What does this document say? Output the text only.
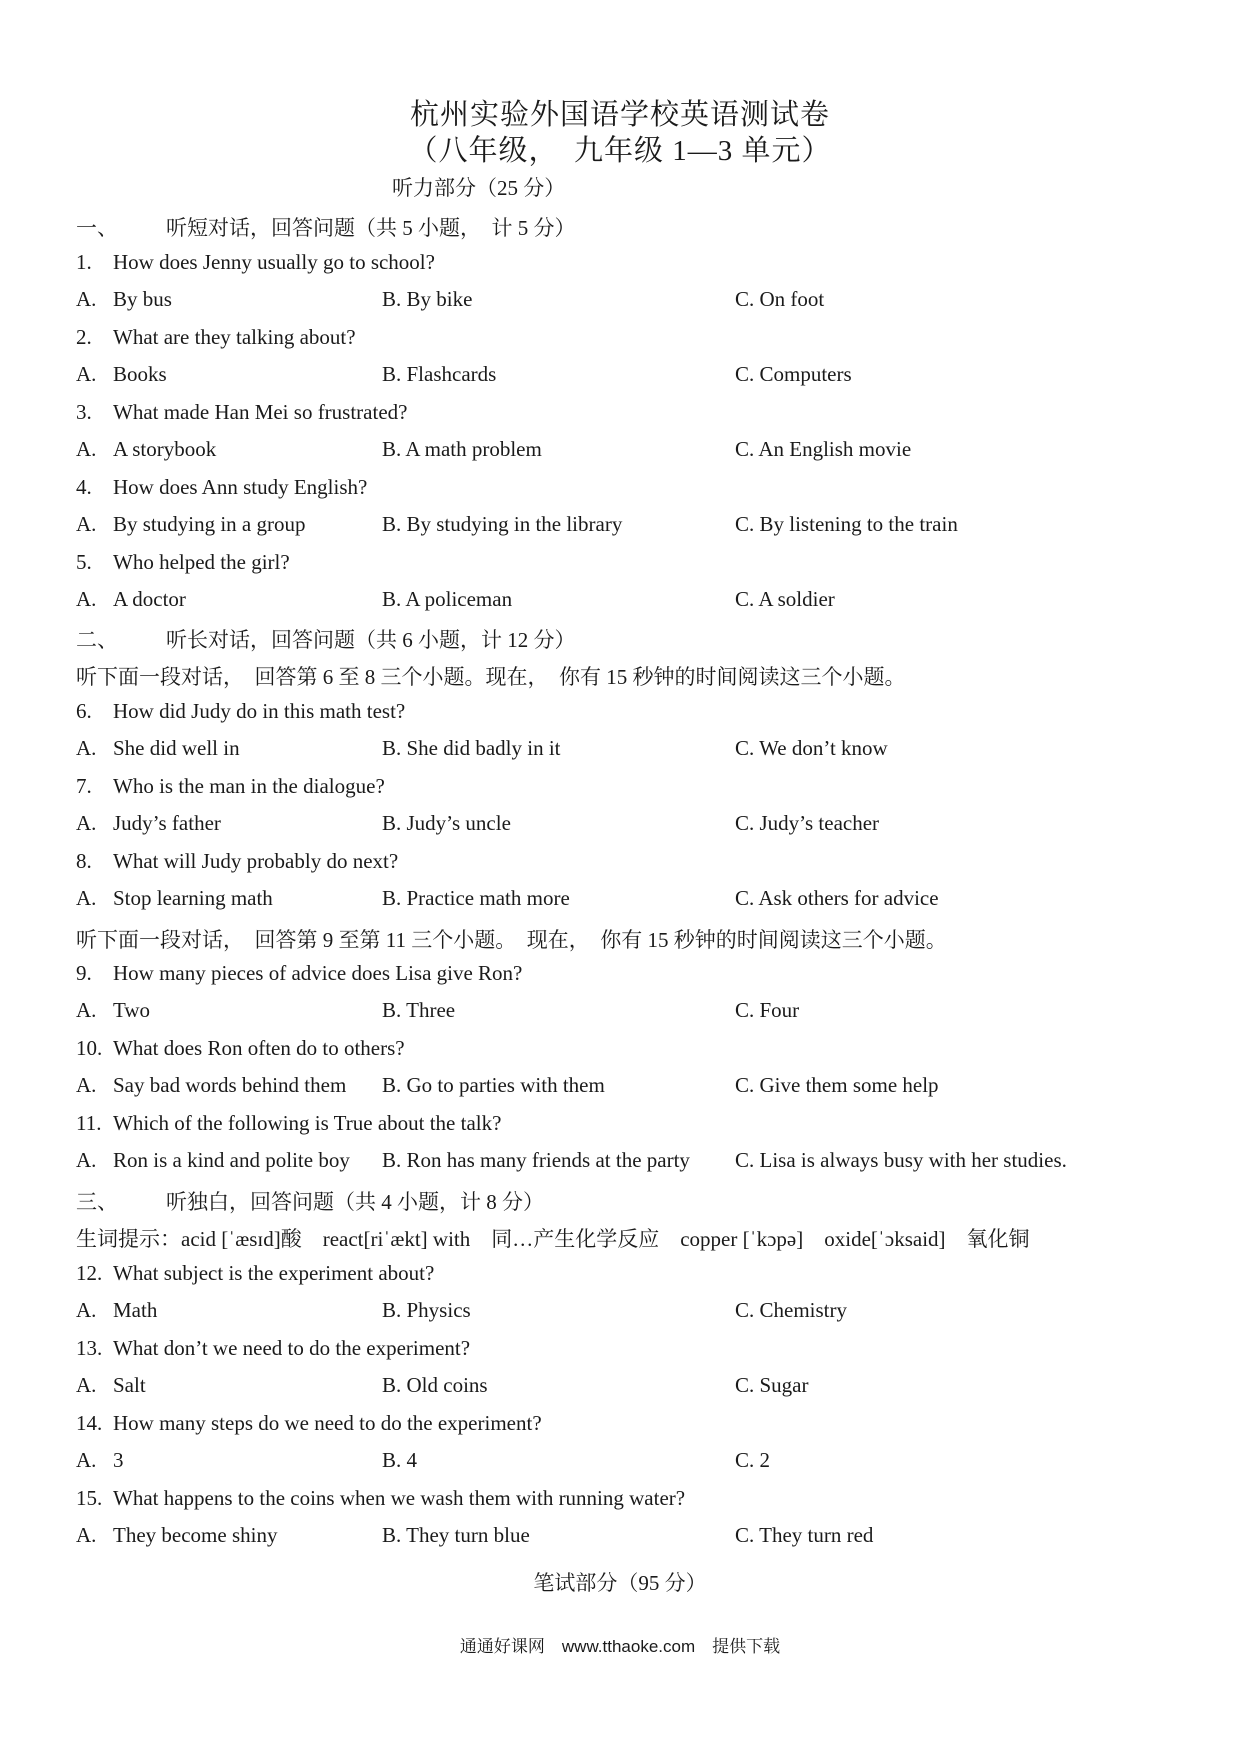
杭州实验外国语学校英语测试卷
（八年级，　九年级 1—3 单元）
听力部分（25 分）
一、 听短对话，回答问题（共 5 小题，　计 5 分）
1. How does Jenny usually go to school?
A. By bus	B. By bike	C. On foot
2. What are they talking about?
A. Books	B. Flashcards	C. Computers
3. What made Han Mei so frustrated?
A. A storybook	B. A math problem	C. An English movie
4. How does Ann study English?
A. By studying in a group	B. By studying in the library	C. By listening to the train
5. Who helped the girl?
A. A doctor	B. A policeman	C. A soldier
二、 听长对话，回答问题（共 6 小题，计 12 分）
听下面一段对话，　回答第 6 至 8 三个小题。现在，　你有 15 秒钟的时间阅读这三个小题。
6. How did Judy do in this math test?
A. She did well in	B. She did badly in it	C. We don’t know
7. Who is the man in the dialogue?
A. Judy’s father	B. Judy’s uncle	C. Judy’s teacher
8. What will Judy probably do next?
A. Stop learning math	B. Practice math more	C. Ask others for advice
听下面一段对话，　回答第 9 至第 11 三个小题。　现在，　你有 15 秒钟的时间阅读这三个小题。
9. How many pieces of advice does Lisa give Ron?
A. Two	B. Three	C. Four
10. What does Ron often do to others?
A. Say bad words behind them B. Go to parties with them	C. Give them some help
11. Which of the following is True about the talk?
A. Ron is a kind and polite boy B. Ron has many friends at the party C. Lisa is always busy with her studies.
三、 听独白，回答问题（共 4 小题，计 8 分）
生词提示：acid [ˈæsɪd]酸　react[riˈækt] with　同…产生化学反应　copper [ˈkɔpə]　oxide[ˈɔksaid]　氧化铜
12. What subject is the experiment about?
A. Math	B. Physics	C. Chemistry
13. What don’t we need to do the experiment?
A. Salt	B. Old coins	C. Sugar
14. How many steps do we need to do the experiment?
A. 3	B. 4	C. 2
15. What happens to the coins when we wash them with running water?
A. They become shiny	B. They turn blue	C. They turn red
笔试部分（95 分）
通通好课网　www.tthaoke.com　提供下载
